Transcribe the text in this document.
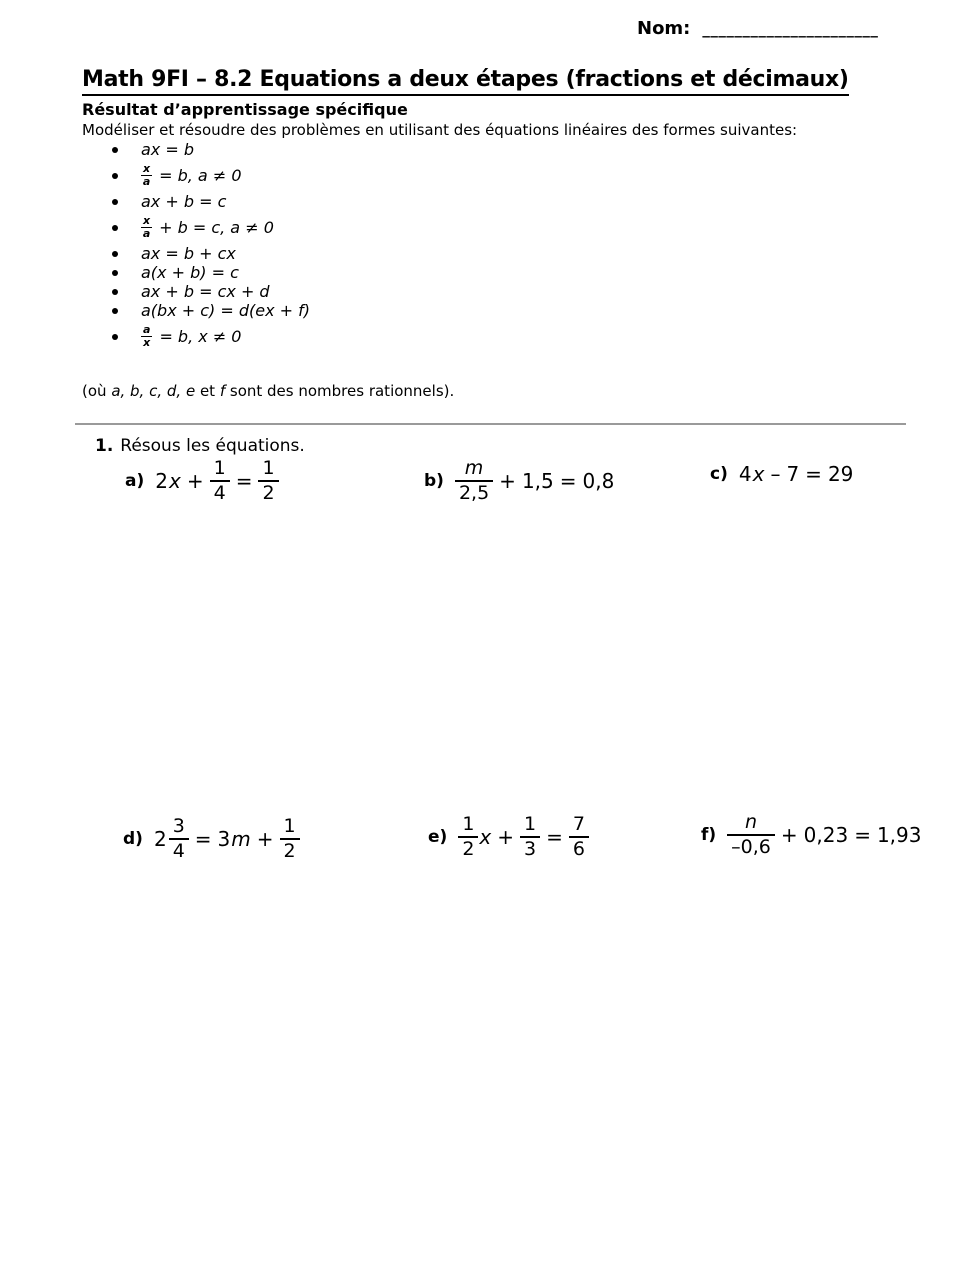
Nom: ______________________
Math 9FI – 8.2 Equations a deux étapes (fractions et décimaux)
Résultat d’apprentissage spécifique
Modéliser et résoudre des problèmes en utilisant des équations linéaires des formes suivantes:
ax = b
$\frac{x}{a} = b$, a ≠ 0
ax + b = c
$\frac{x}{a} + b = c$, a ≠ 0
ax = b + cx
a(x + b) = c
ax + b = cx + d
a(bx + c) = d(ex + f)
$\frac{a}{x} = b$, x ≠ 0
(où a, b, c, d, e et f sont des nombres rationnels).
1. Résous les équations.
a) 2 $x + \frac{1}{4} = \frac{1}{2}$	$b) \frac{m}{2,5} + 1,5 = 0,8$	c) 4 x – 7 = 29
d) $2 \frac{3}{4} = 3$ $m + \frac{1}{2}$	$e) \frac{1}{2}$ $x + \frac{1}{3} = \frac{7}{6}$	$f) \frac{n}{-0,6} + 0,23 = 1,93$
